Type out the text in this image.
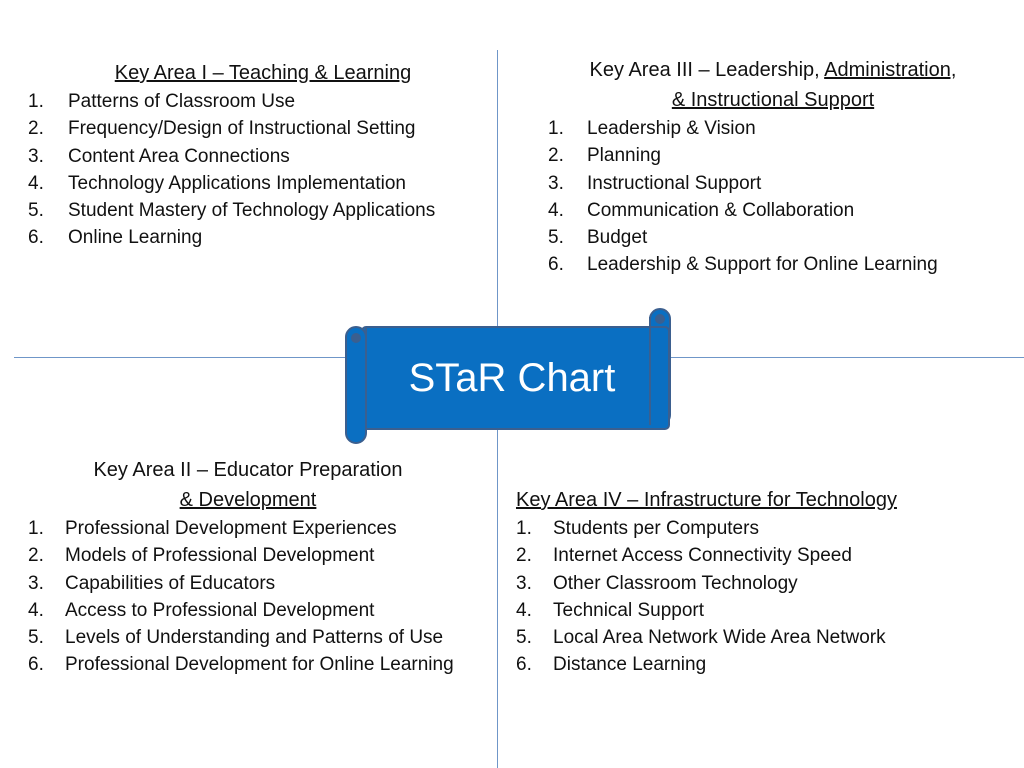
Key Area I – Teaching & Learning
1.	Patterns of Classroom Use
2.	Frequency/Design of Instructional Setting
3.	Content Area Connections
4.	Technology Applications Implementation
5.	Student Mastery of Technology Applications
6.	Online Learning
Key Area III – Leadership, Administration,
& Instructional Support
1.	Leadership & Vision
2.	Planning
3.	Instructional Support
4.	Communication & Collaboration
5.	Budget
6.	Leadership & Support for Online Learning
Key Area II – Educator Preparation
& Development
1.	Professional Development Experiences
2.	Models of Professional Development
3.	Capabilities of Educators
4.	Access to Professional Development
5.	Levels of Understanding and Patterns of Use
6.	Professional Development for Online Learning
Key Area IV – Infrastructure for Technology
1.	Students per Computers
2.	Internet Access Connectivity Speed
3.	Other Classroom Technology
4.	Technical Support
5.	Local Area Network Wide Area Network
6.	Distance Learning
STaR Chart
